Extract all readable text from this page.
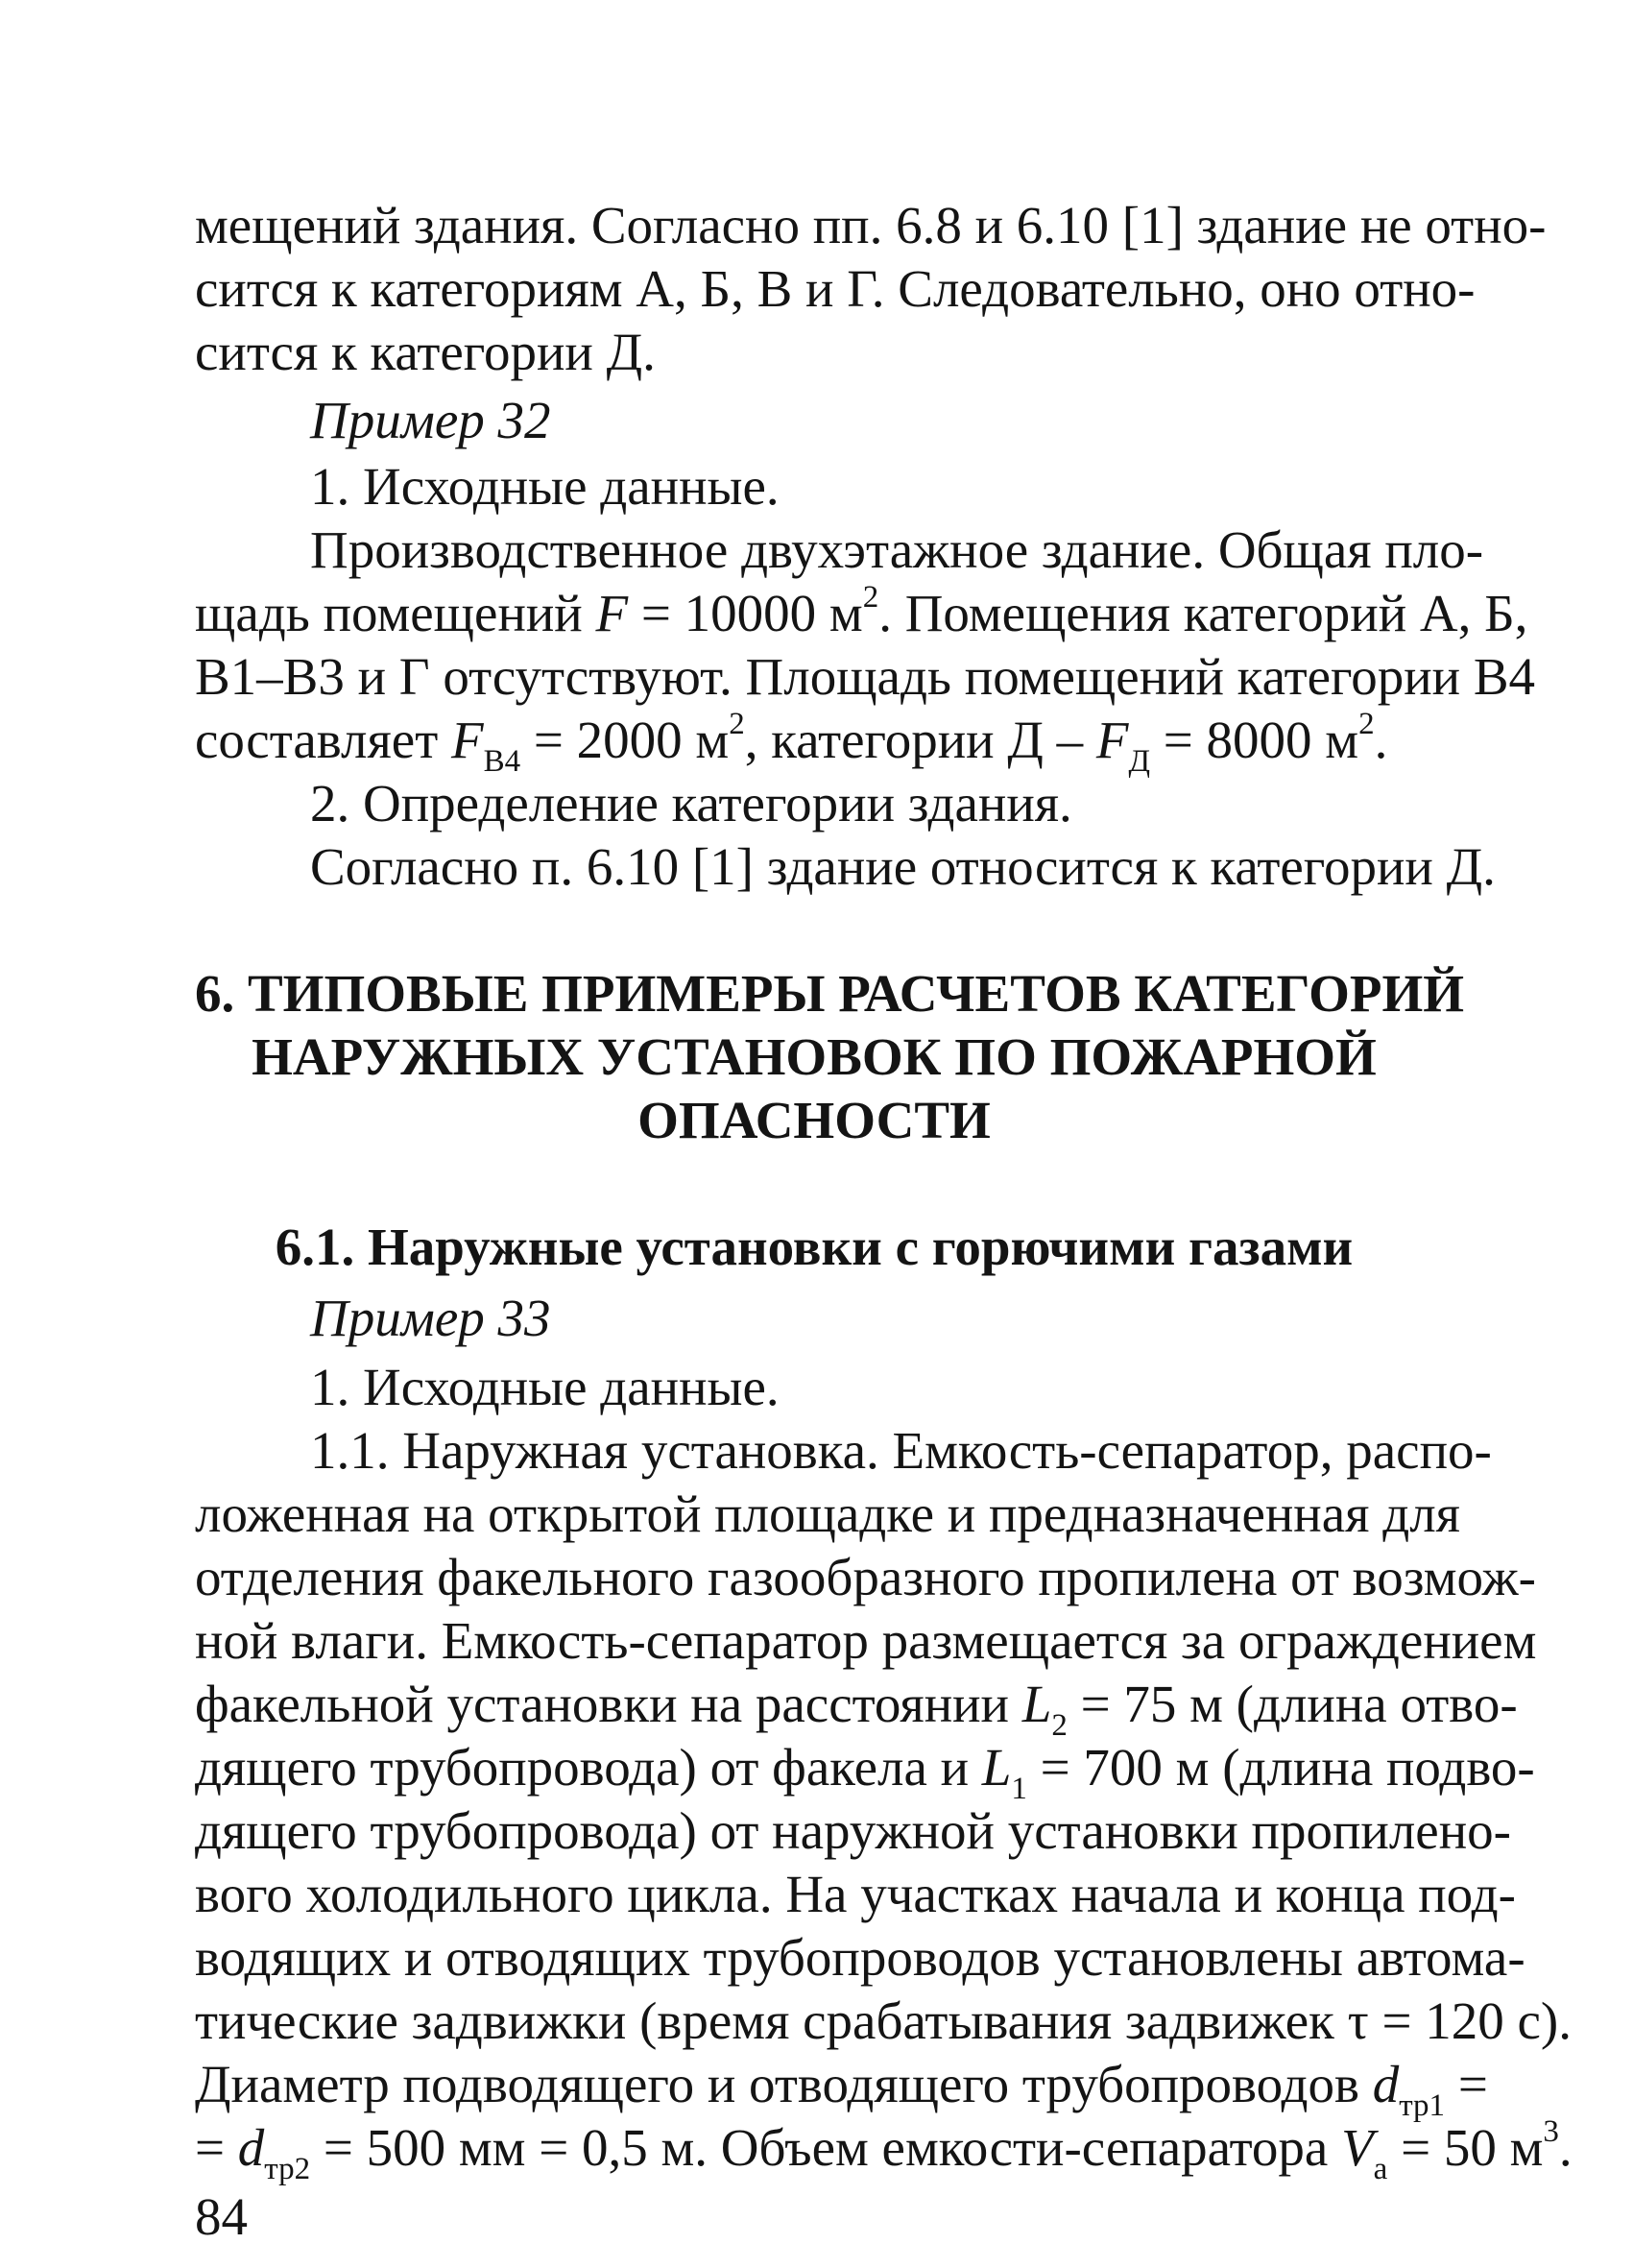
мещений здания. Согласно пп. 6.8 и 6.10 [1] здание не отно-

сится к категориям А, Б, В и Г. Следовательно, оно отно-

сится к категории Д.

Пример 32

1. Исходные данные.

Производственное двухэтажное здание. Общая пло-

щадь помещений F = 10000 $м^2$. Помещения категорий А, Б,

В1–В3 и Г отсутствуют. Площадь помещений категории В4

составляет $F_{В4} = 2000$ $м^2$, категории $Д - F_Д = 8000$ $м^2$.

2. Определение категории здания.

Согласно п. 6.10 [1] здание относится к категории Д.

6. ТИПОВЫЕ ПРИМЕРЫ РАСЧЕТОВ КАТЕГОРИЙ

НАРУЖНЫХ УСТАНОВОК ПО ПОЖАРНОЙ

ОПАСНОСТИ

6.1. Наружные установки с горючими газами

Пример 33

1. Исходные данные.

1.1. Наружная установка. Емкость-сепаратор, распо-

ложенная на открытой площадке и предназначенная для

отделения факельного газообразного пропилена от возмож-

ной влаги. Емкость-сепаратор размещается за ограждением

факельной установки на расстоянии $L_2 = 75$ м (длина отво-

дящего трубопровода) от факела и $L_1 = 700$ м (длина подво-

дящего трубопровода) от наружной установки пропилено-

вого холодильного цикла. На участках начала и конца под-

водящих и отводящих трубопроводов установлены автома-

тические задвижки (время срабатывания задвижек τ = 120 с).

Диаметр подводящего и отводящего трубопроводов $d_{тр1}$ =

= $d_{тр2} = 500$ мм = 0,5 м. Объем емкости-сепаратора $V_а = 50$ $м^3$.

84
